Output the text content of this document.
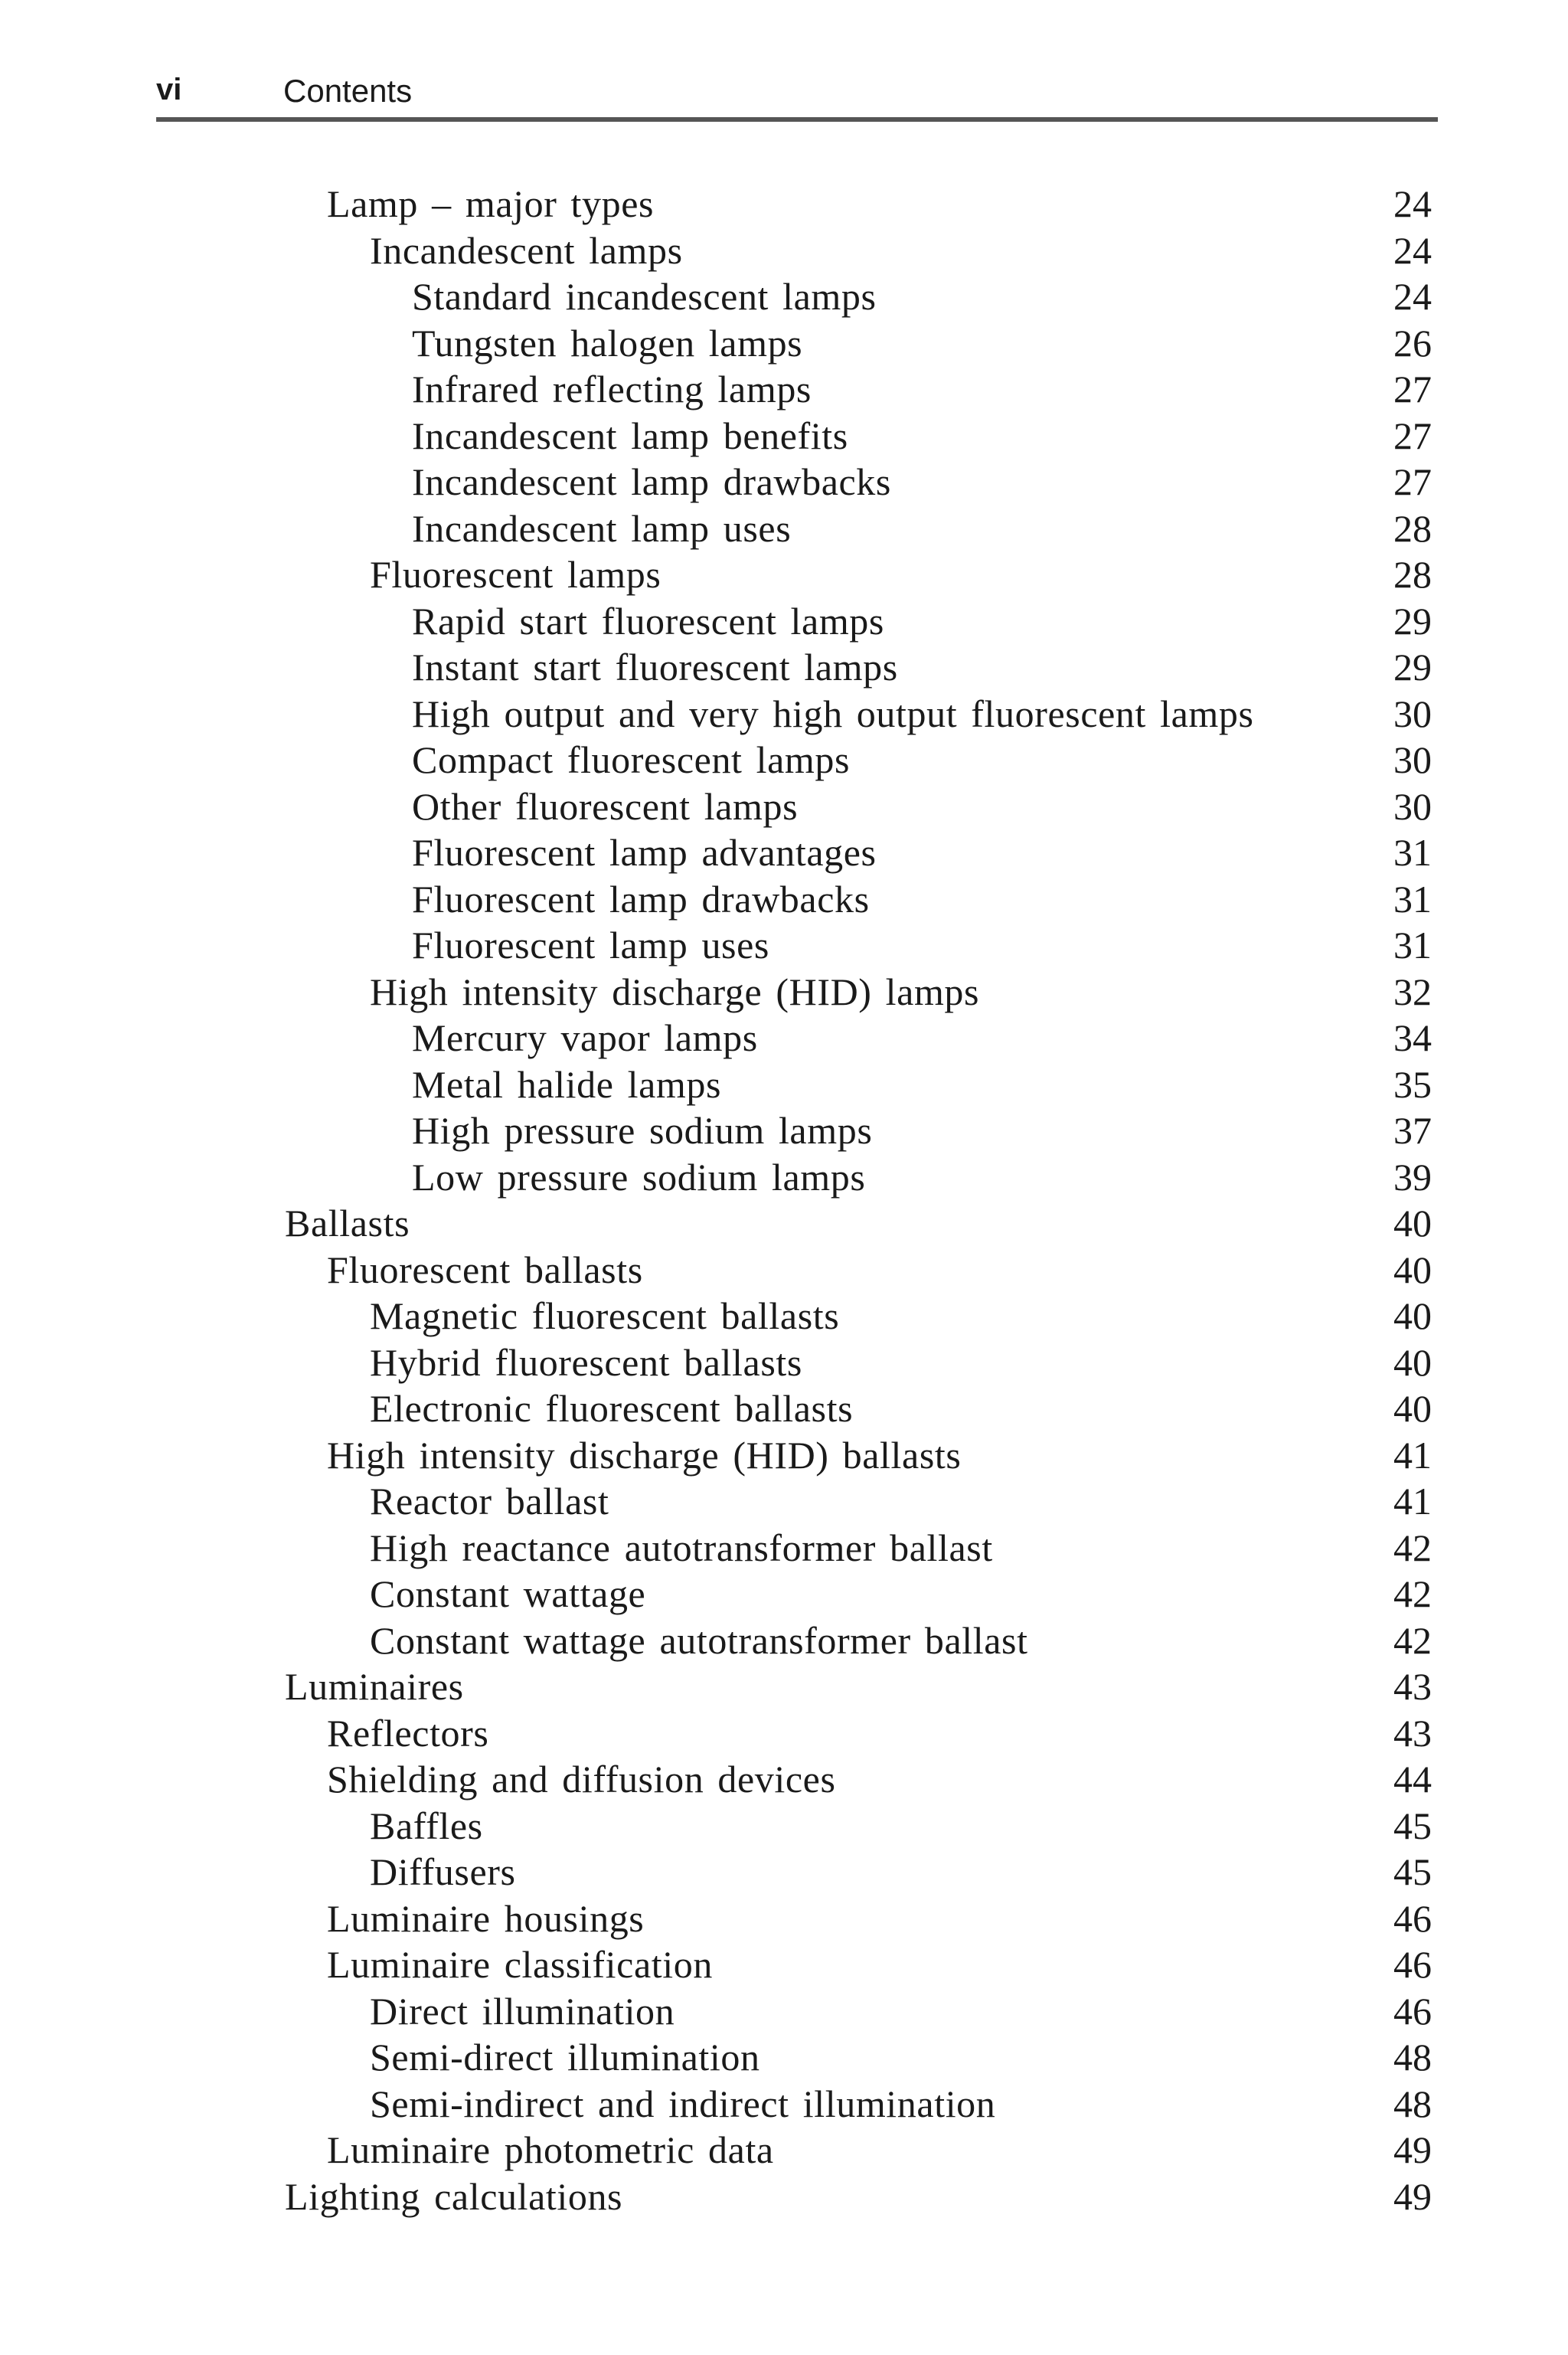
vi	Contents
Lamp – major types	24
Incandescent lamps	24
Standard incandescent lamps	24
Tungsten halogen lamps	26
Infrared reflecting lamps	27
Incandescent lamp benefits	27
Incandescent lamp drawbacks	27
Incandescent lamp uses	28
Fluorescent lamps	28
Rapid start fluorescent lamps	29
Instant start fluorescent lamps	29
High output and very high output fluorescent lamps	30
Compact fluorescent lamps	30
Other fluorescent lamps	30
Fluorescent lamp advantages	31
Fluorescent lamp drawbacks	31
Fluorescent lamp uses	31
High intensity discharge (HID) lamps	32
Mercury vapor lamps	34
Metal halide lamps	35
High pressure sodium lamps	37
Low pressure sodium lamps	39
Ballasts	40
Fluorescent ballasts	40
Magnetic fluorescent ballasts	40
Hybrid fluorescent ballasts	40
Electronic fluorescent ballasts	40
High intensity discharge (HID) ballasts	41
Reactor ballast	41
High reactance autotransformer ballast	42
Constant wattage	42
Constant wattage autotransformer ballast	42
Luminaires	43
Reflectors	43
Shielding and diffusion devices	44
Baffles	45
Diffusers	45
Luminaire housings	46
Luminaire classification	46
Direct illumination	46
Semi-direct illumination	48
Semi-indirect and indirect illumination	48
Luminaire photometric data	49
Lighting calculations	49
